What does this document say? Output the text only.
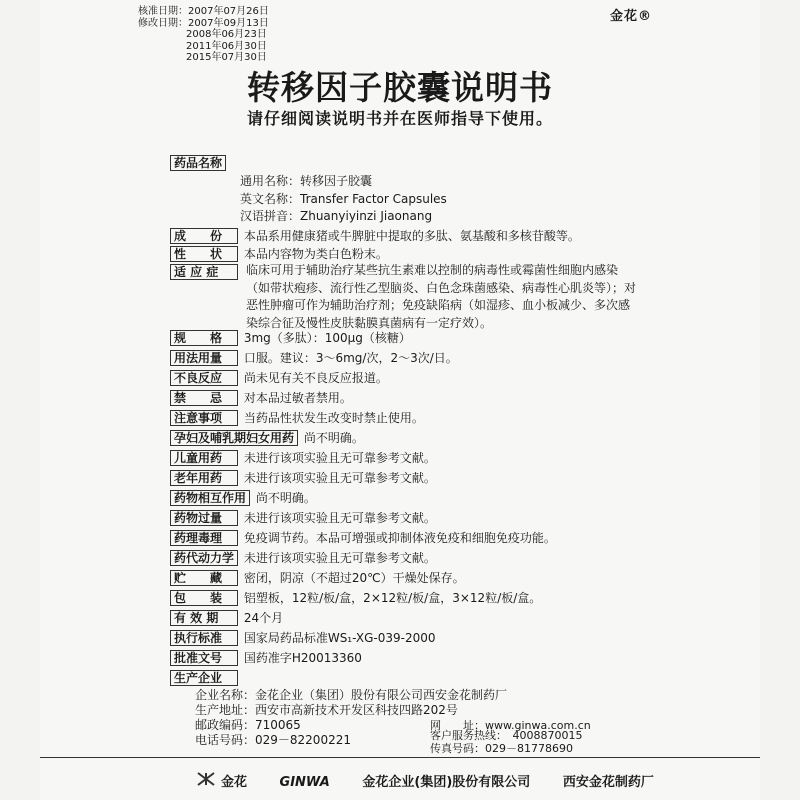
核准日期：2007年07月26日
修改日期：2007年09月13日
2008年06月23日
2011年06月30日
2015年07月30日
金花®
转移因子胶囊说明书
请仔细阅读说明书并在医师指导下使用。
药品名称
通用名称：转移因子胶囊
英文名称：Transfer Factor Capsules
汉语拼音：Zhuanyiyinzi Jiaonang
成　　份 本品系用健康猪或牛脾脏中提取的多肽、氨基酸和多核苷酸等。
性　　状 本品内容物为类白色粉末。
适 应 症	临床可用于辅助治疗某些抗生素难以控制的病毒性或霉菌性细胞内感染（如带状疱疹、流行性乙型脑炎、白色念珠菌感染、病毒性心肌炎等）；对恶性肿瘤可作为辅助治疗剂；免疫缺陷病（如湿疹、血小板减少、多次感染综合征及慢性皮肤黏膜真菌病有一定疗效）。
规　　格 3mg（多肽）：100μg（核糖）
用法用量 口服。建议：3～6mg/次，2～3次/日。
不良反应 尚未见有关不良反应报道。
禁　　忌 对本品过敏者禁用。
注意事项 当药品性状发生改变时禁止使用。
孕妇及哺乳期妇女用药 尚不明确。
儿童用药 未进行该项实验且无可靠参考文献。
老年用药 未进行该项实验且无可靠参考文献。
药物相互作用 尚不明确。
药物过量 未进行该项实验且无可靠参考文献。
药理毒理 免疫调节药。本品可增强或抑制体液免疫和细胞免疫功能。
药代动力学 未进行该项实验且无可靠参考文献。
贮　　藏 密闭，阴凉（不超过20℃）干燥处保存。
包　　装 铝塑板，12粒/板/盒，2×12粒/板/盒，3×12粒/板/盒。
有 效 期 24个月
执行标准 国家局药品标准WS₁-XG-039-2000
批准文号 国药准字H20013360
生产企业
企业名称：金花企业（集团）股份有限公司西安金花制药厂
生产地址：西安市高新技术开发区科技四路202号
邮政编码：710065
电话号码：029－82200221
传真号码：029－81778690
金花	GINWA	金花企业(集团)股份有限公司	西安金花制药厂
网　　址：www.ginwa.com.cn
客户服务热线：　4008870015
